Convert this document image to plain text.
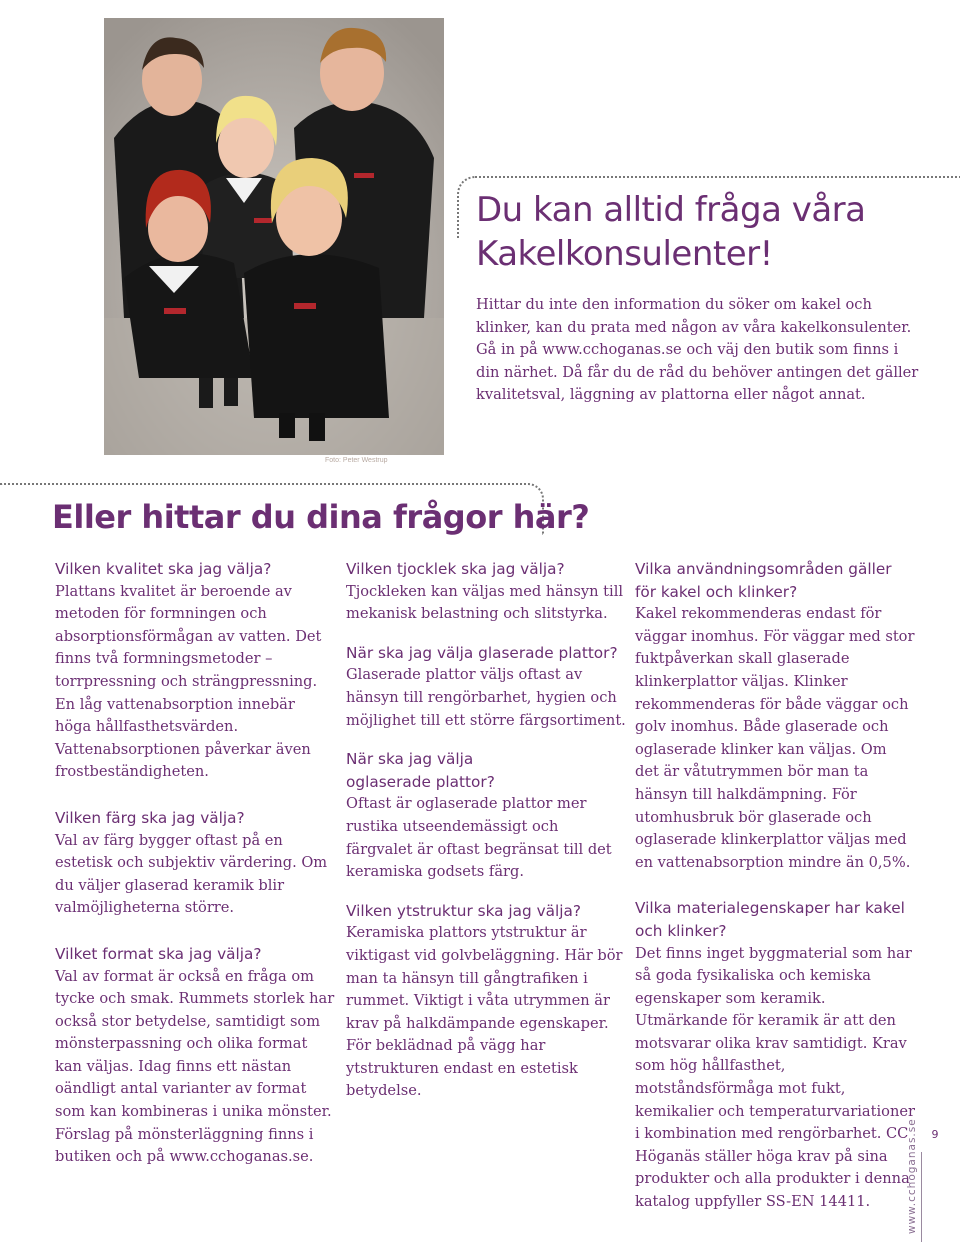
Foto: Peter Westrup
Du kan alltid fråga våra Kakelkonsulenter!

Hittar du inte den information du söker om kakel och klinker, kan du prata med någon av våra kakelkonsulenter. Gå in på www.cchoganas.se och väj den butik som finns i din närhet. Då får du de råd du behöver antingen det gäller kvalitetsval, läggning av plattorna eller något annat.

Eller hittar du dina frågor här?
Vilken kvalitet ska jag välja?

Plattans kvalitet är beroende av metoden för formningen och absorptionsförmågan av vatten. Det finns två formningsmetoder – torrpressning och strängpressning. En låg vattenabsorption innebär höga hållfasthetsvärden. Vattenabsorptionen påverkar även frostbeständigheten.

Vilken färg ska jag välja?

Val av färg bygger oftast på en estetisk och subjektiv värdering. Om du väljer glaserad keramik blir valmöjligheterna större.

Vilket format ska jag välja?

Val av format är också en fråga om tycke och smak. Rummets storlek har också stor betydelse, samtidigt som mönsterpassning och olika format kan väljas. Idag finns ett nästan oändligt antal varianter av format som kan kombineras i unika mönster. Förslag på mönsterläggning finns i butiken och på www.cchoganas.se.

Vilken tjocklek ska jag välja?

Tjockleken kan väljas med hänsyn till mekanisk belastning och slitstyrka.

När ska jag välja glaserade plattor?

Glaserade plattor väljs oftast av hänsyn till rengörbarhet, hygien och möjlighet till ett större färgsortiment.

När ska jag välja oglaserade plattor?

Oftast är oglaserade plattor mer rustika utseendemässigt och färgvalet är oftast begränsat till det keramiska godsets färg.

Vilken ytstruktur ska jag välja?

Keramiska plattors ytstruktur är viktigast vid golvbeläggning. Här bör man ta hänsyn till gångtrafiken i rummet. Viktigt i våta utrymmen är krav på halkdämpande egenskaper. För beklädnad på vägg har ytstrukturen endast en estetisk betydelse.

Vilka användningsområden gäller för kakel och klinker?

Kakel rekommenderas endast för väggar inomhus. För väggar med stor fuktpåverkan skall glaserade klinkerplattor väljas. Klinker rekommenderas för både väggar och golv inomhus. Både glaserade och oglaserade klinker kan väljas. Om det är våtutrymmen bör man ta hänsyn till halkdämpning. För utomhusbruk bör glaserade och oglaserade klinkerplattor väljas med en vattenabsorption mindre än 0,5%.

Vilka materialegenskaper har kakel och klinker?

Det finns inget byggmaterial som har så goda fysikaliska och kemiska egenskaper som keramik. Utmärkande för keramik är att den motsvarar olika krav samtidigt. Krav som hög hållfasthet, motståndsförmåga mot fukt, kemikalier och temperaturvariationer i kombination med rengörbarhet. CC Höganäs ställer höga krav på sina produkter och alla produkter i denna katalog uppfyller SS-EN 14411.

9
www.cchoganas.se
